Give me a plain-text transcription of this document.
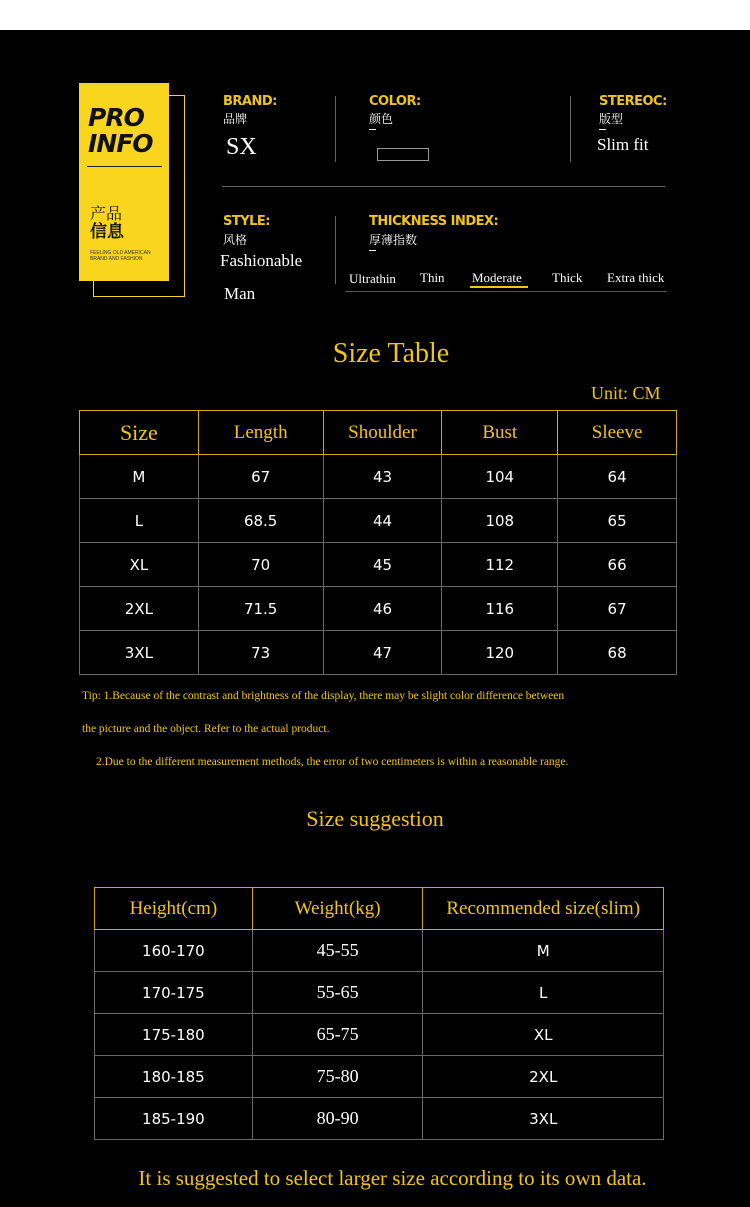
PRO
INFO
产品
信息
FEELING OLD AMERICAN BRAND AND FASHION
BRAND:
品牌
SX
COLOR:
颜色
STEREOC:
版型
Slim fit
STYLE:
风格
Fashionable
Man
THICKNESS INDEX:
厚薄指数
Ultrathin Thin Moderate Thick Extra thick
Size Table
Unit: CM
Size	Length	Shoulder	Bust	Sleeve
M	67	43	104	64
L	68.5	44	108	65
XL	70	45	112	66
2XL	71.5	46	116	67
3XL	73	47	120	68
Tip: 1.Because of the contrast and brightness of the display, there may be slight color difference between
the picture and the object. Refer to the actual product.
2.Due to the different measurement methods, the error of two centimeters is within a reasonable range.
Size suggestion
Height(cm)	Weight(kg)	Recommended size(slim)
160-170	45-55	M
170-175	55-65	L
175-180	65-75	XL
180-185	75-80	2XL
185-190	80-90	3XL
It is suggested to select larger size according to its own data.
